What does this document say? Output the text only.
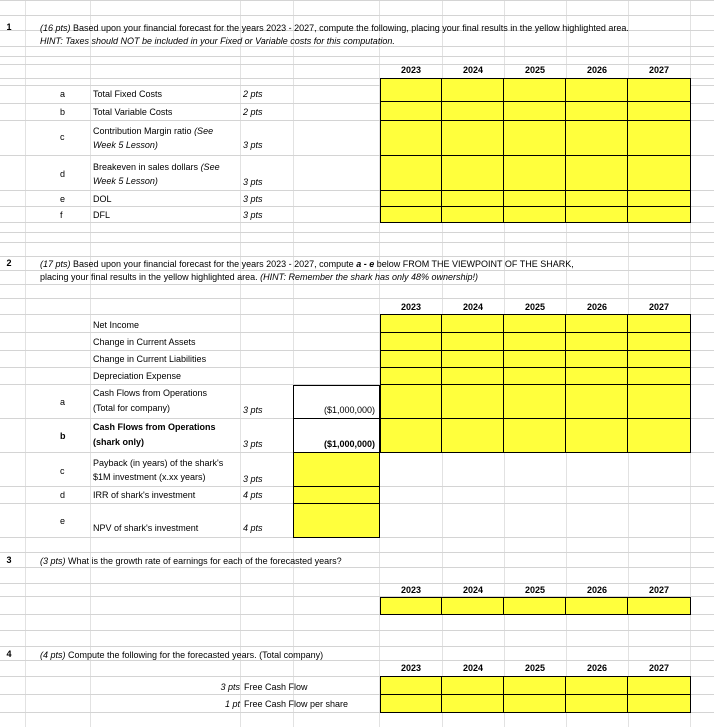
1	(16 pts) Based upon your financial forecast for the years 2023 - 2027, compute the following, placing your final results in the yellow highlighted area.
HINT: Taxes should NOT be included in your Fixed or Variable costs for this computation.
2023	2024	2025	2026	2027
a	Total Fixed Costs	2 pts
b	Total Variable Costs	2 pts
c
Contribution Margin ratio (See
Week 5 Lesson)	3 pts
d
Breakeven in sales dollars (See
Week 5 Lesson)	3 pts
e	DOL	3 pts
f	DFL	3 pts
2	(17 pts) Based upon your financial forecast for the years 2023 - 2027, compute a - e below FROM THE VIEWPOINT OF THE SHARK,
placing your final results in the yellow highlighted area. (HINT: Remember the shark has only 48% ownership!)
2023	2024	2025	2026	2027
Net Income
Change in Current Assets
Change in Current Liabilities
Depreciation Expense
a
Cash Flows from Operations
(Total for company)	3 pts	($1,000,000)
b
Cash Flows from Operations
(shark only)	3 pts	($1,000,000)
c
Payback (in years) of the shark's
$1M investment (x.xx years)	3 pts
d	IRR of shark's investment	4 pts
e
NPV of shark's investment	4 pts
3	(3 pts) What is the growth rate of earnings for each of the forecasted years?
2023	2024	2025	2026	2027
4	(4 pts) Compute the following for the forecasted years. (Total company)
2023	2024	2025	2026	2027
3 pts Free Cash Flow
1 pt Free Cash Flow per share
